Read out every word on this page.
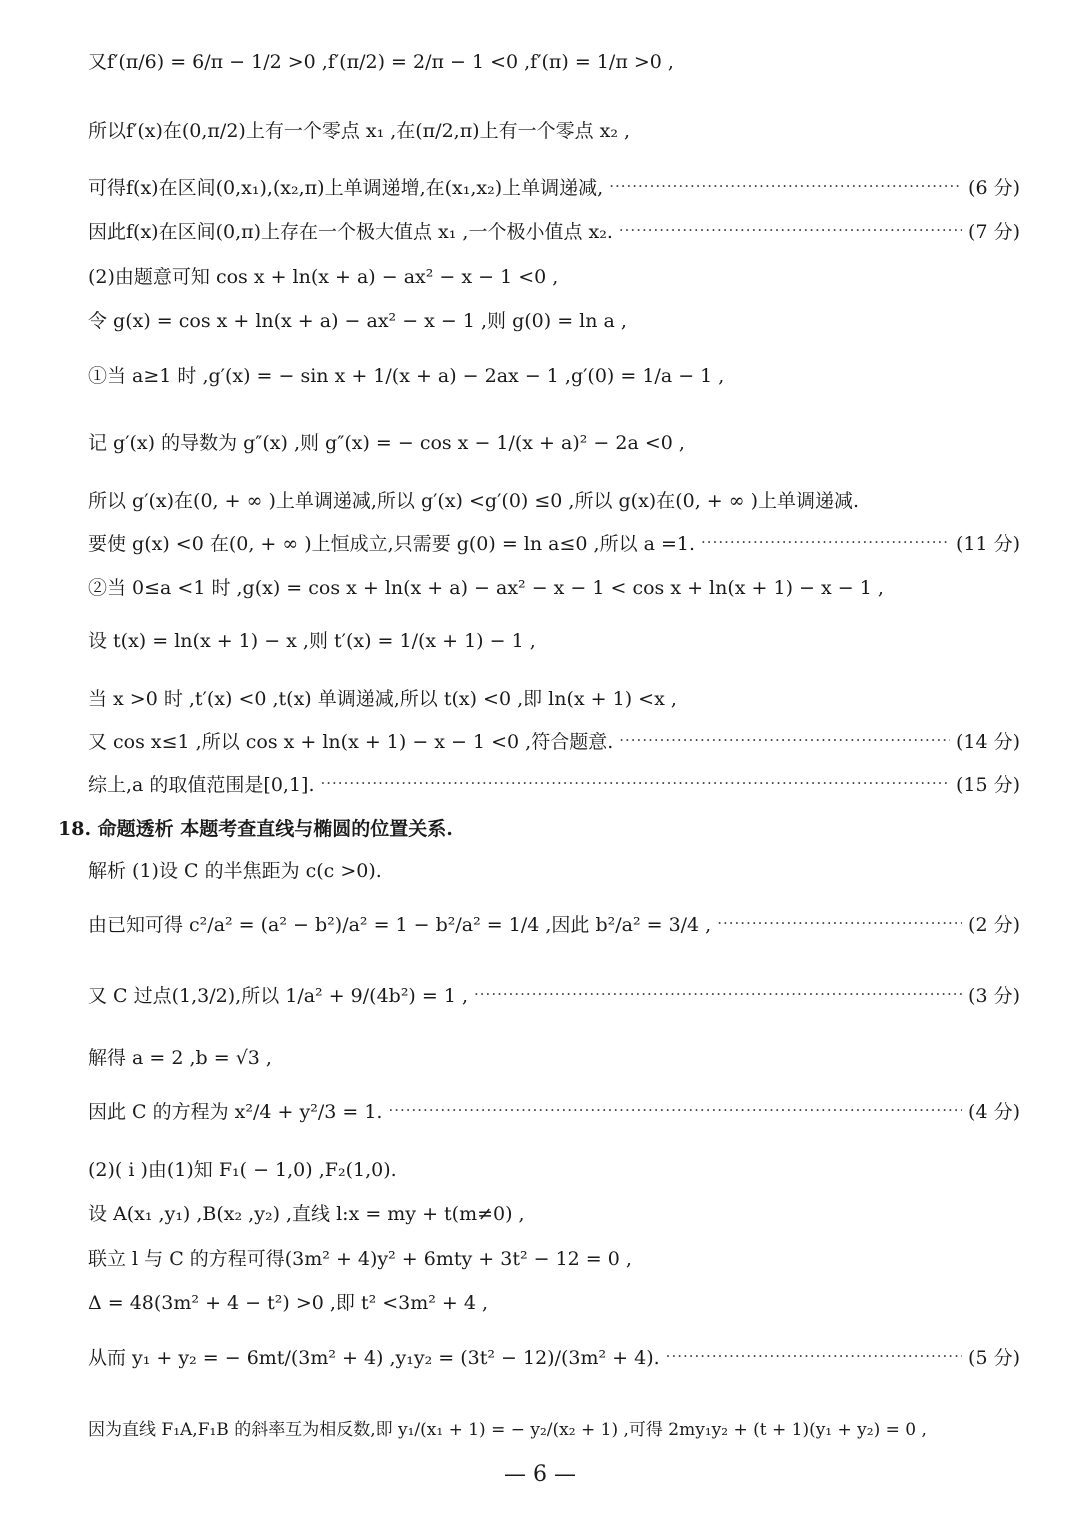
又f′(π/6) = 6/π − 1/2 >0 ,f′(π/2) = 2/π − 1 <0 ,f′(π) = 1/π >0 ,
所以f′(x)在(0,π/2)上有一个零点 x₁ ,在(π/2,π)上有一个零点 x₂ ,
可得f(x)在区间(0,x₁),(x₂,π)上单调递增,在(x₁,x₂)上单调递减, ·····	(6 分)
因此f(x)在区间(0,π)上存在一个极大值点 x₁ ,一个极小值点 x₂. ·····	(7 分)
(2)由题意可知 cos x + ln(x + a) − ax² − x − 1 <0 ,
令 g(x) = cos x + ln(x + a) − ax² − x − 1 ,则 g(0) = ln a ,
①当 a≥1 时 ,g′(x) = − sin x + 1/(x + a) − 2ax − 1 ,g′(0) = 1/a − 1 ,
记 g′(x) 的导数为 g″(x) ,则 g″(x) = − cos x − 1/(x + a)² − 2a <0 ,
所以 g′(x)在(0, + ∞ )上单调递减,所以 g′(x) <g′(0) ≤0 ,所以 g(x)在(0, + ∞ )上单调递减.
要使 g(x) <0 在(0, + ∞ )上恒成立,只需要 g(0) = ln a≤0 ,所以 a =1. ·····	(11 分)
②当 0≤a <1 时 ,g(x) = cos x + ln(x + a) − ax² − x − 1 < cos x + ln(x + 1) − x − 1 ,
设 t(x) = ln(x + 1) − x ,则 t′(x) = 1/(x + 1) − 1 ,
当 x >0 时 ,t′(x) <0 ,t(x) 单调递减,所以 t(x) <0 ,即 ln(x + 1) <x ,
又 cos x≤1 ,所以 cos x + ln(x + 1) − x − 1 <0 ,符合题意. ·····	(14 分)
综上,a 的取值范围是[0,1]. ·····	(15 分)
18. 命题透析 本题考查直线与椭圆的位置关系.
解析 (1)设 C 的半焦距为 c(c >0).
由已知可得 c²/a² = (a² − b²)/a² = 1 − b²/a² = 1/4 ,因此 b²/a² = 3/4 , ·····	(2 分)
又 C 过点(1,3/2),所以 1/a² + 9/(4b²) = 1 , ·····	(3 分)
解得 a = 2 ,b = √3 ,
因此 C 的方程为 x²/4 + y²/3 = 1. ·····	(4 分)
(2)( ⅰ )由(1)知 F₁( − 1,0) ,F₂(1,0).
设 A(x₁ ,y₁) ,B(x₂ ,y₂) ,直线 l:x = my + t(m≠0) ,
联立 l 与 C 的方程可得(3m² + 4)y² + 6mty + 3t² − 12 = 0 ,
Δ = 48(3m² + 4 − t²) >0 ,即 t² <3m² + 4 ,
从而 y₁ + y₂ = − 6mt/(3m² + 4) ,y₁y₂ = (3t² − 12)/(3m² + 4). ·····	(5 分)
因为直线 F₁A,F₁B 的斜率互为相反数,即 y₁/(x₁ + 1) = − y₂/(x₂ + 1) ,可得 2my₁y₂ + (t + 1)(y₁ + y₂) = 0 ,
— 6 —
